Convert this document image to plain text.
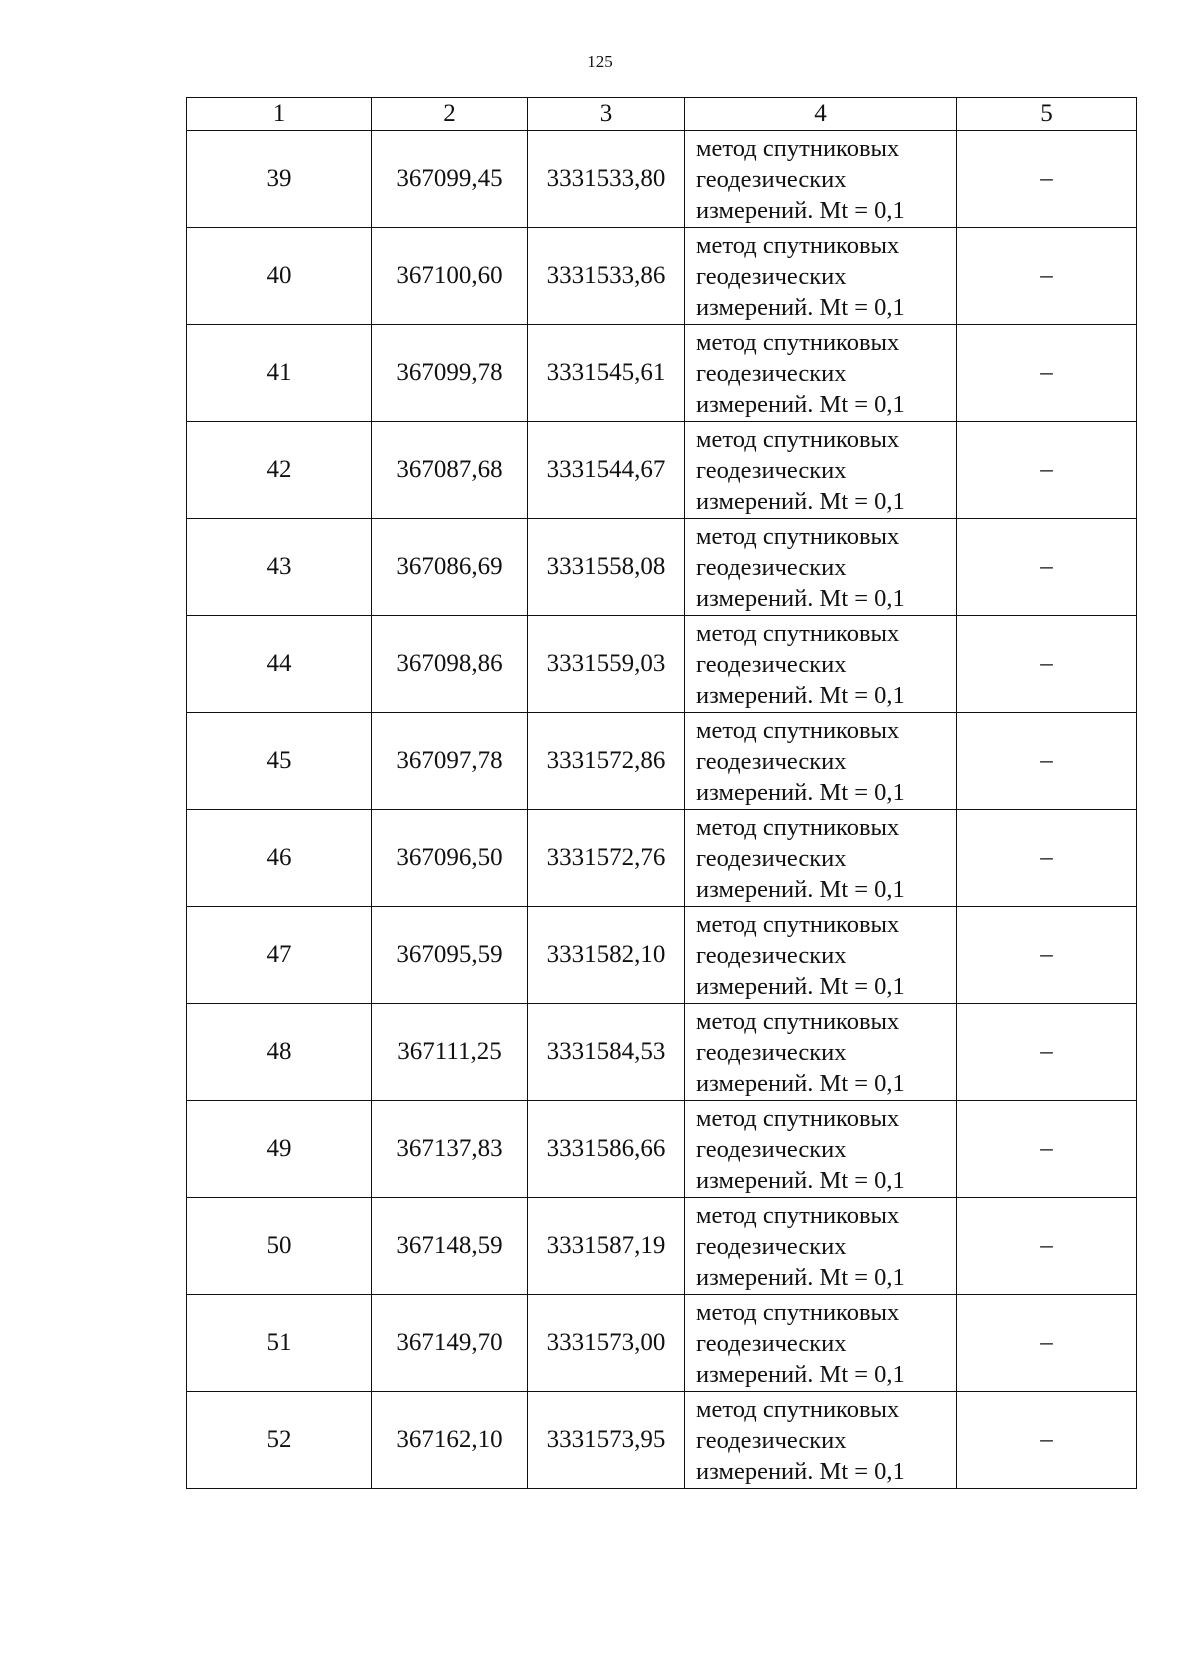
125
1	2	3	4	5
39	367099,45	3331533,80	метод спутниковых
геодезических
измерений. Mt = 0,1	–
40	367100,60	3331533,86	метод спутниковых
геодезических
измерений. Mt = 0,1	–
41	367099,78	3331545,61	метод спутниковых
геодезических
измерений. Mt = 0,1	–
42	367087,68	3331544,67	метод спутниковых
геодезических
измерений. Mt = 0,1	–
43	367086,69	3331558,08	метод спутниковых
геодезических
измерений. Mt = 0,1	–
44	367098,86	3331559,03	метод спутниковых
геодезических
измерений. Mt = 0,1	–
45	367097,78	3331572,86	метод спутниковых
геодезических
измерений. Mt = 0,1	–
46	367096,50	3331572,76	метод спутниковых
геодезических
измерений. Mt = 0,1	–
47	367095,59	3331582,10	метод спутниковых
геодезических
измерений. Mt = 0,1	–
48	367111,25	3331584,53	метод спутниковых
геодезических
измерений. Mt = 0,1	–
49	367137,83	3331586,66	метод спутниковых
геодезических
измерений. Mt = 0,1	–
50	367148,59	3331587,19	метод спутниковых
геодезических
измерений. Mt = 0,1	–
51	367149,70	3331573,00	метод спутниковых
геодезических
измерений. Mt = 0,1	–
52	367162,10	3331573,95	метод спутниковых
геодезических
измерений. Mt = 0,1	–
